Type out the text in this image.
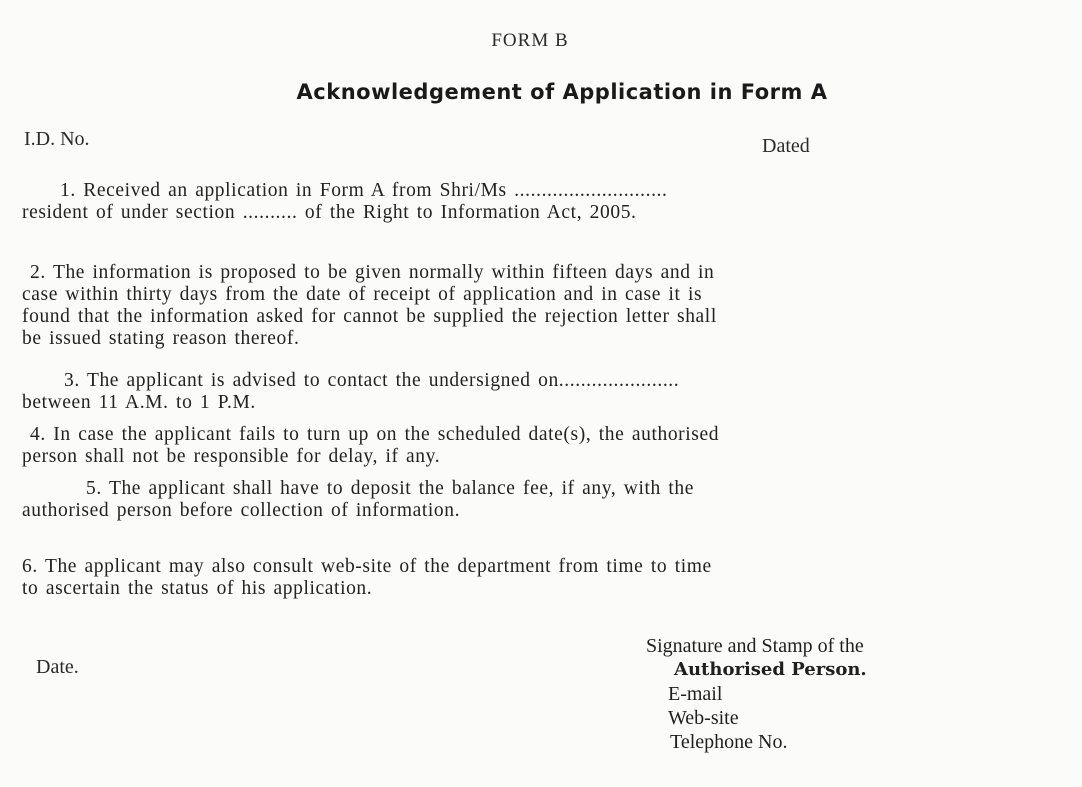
FORM B
Acknowledgement of Application in Form A
I.D. No.	Dated
1. Received an application in Form A from Shri/Ms ............................
resident of under section .......... of the Right to Information Act, 2005.
2. The information is proposed to be given normally within fifteen days and in
case within thirty days from the date of receipt of application and in case it is
found that the information asked for cannot be supplied the rejection letter shall
be issued stating reason thereof.
3. The applicant is advised to contact the undersigned on......................
between 11 A.M. to 1 P.M.
4. In case the applicant fails to turn up on the scheduled date(s), the authorised
person shall not be responsible for delay, if any.
5. The applicant shall have to deposit the balance fee, if any, with the
authorised person before collection of information.
6. The applicant may also consult web-site of the department from time to time
to ascertain the status of his application.
Date.
Signature and Stamp of the
Authorised Person.
E-mail
Web-site
Telephone No.
